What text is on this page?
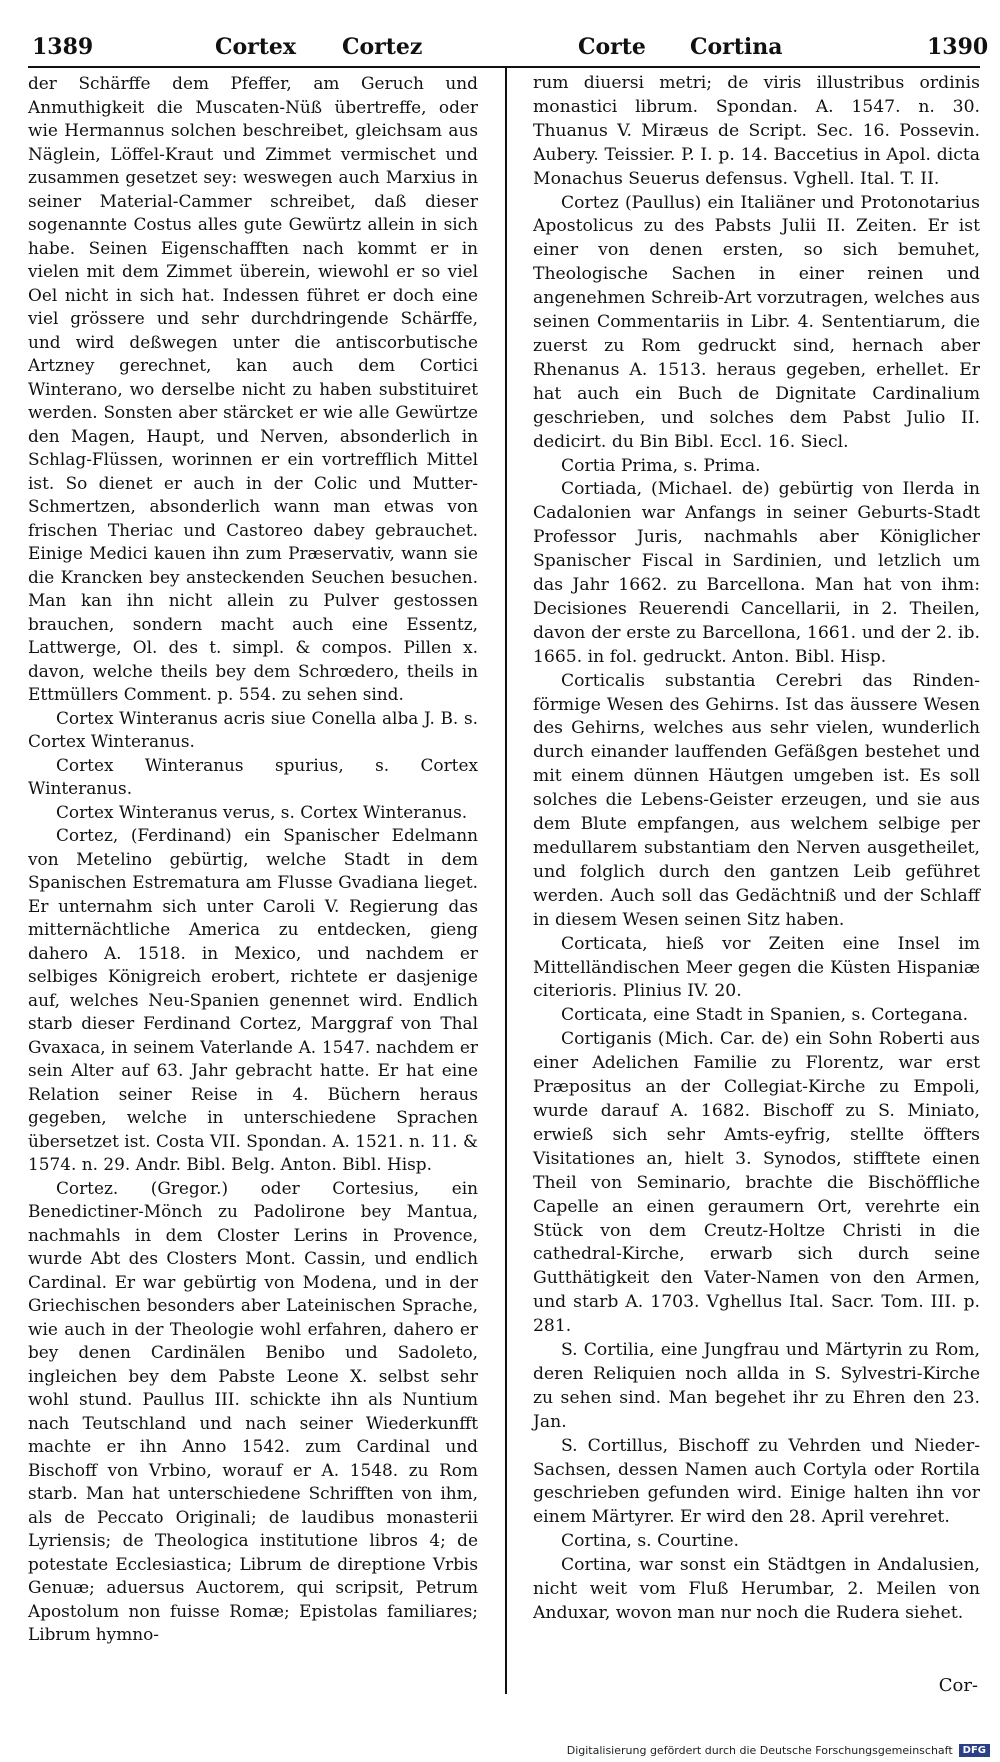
1389	Cortex Cortez	Corte Cortina	1390

der Schärffe dem Pfeffer, am Geruch und Anmuthigkeit die Muscaten-Nüß übertreffe, oder wie Hermannus solchen beschreibet, gleichsam aus Näglein, Löffel-Kraut und Zimmet vermischet und zusammen gesetzet sey: weswegen auch Marxius in seiner Material-Cammer schreibet, daß dieser sogenannte Costus alles gute Gewürtz allein in sich habe. Seinen Eigenschafften nach kommt er in vielen mit dem Zimmet überein, wiewohl er so viel Oel nicht in sich hat. Indessen führet er doch eine viel grössere und sehr durchdringende Schärffe, und wird deßwegen unter die antiscorbutische Artzney gerechnet, kan auch dem Cortici Winterano, wo derselbe nicht zu haben substituiret werden. Sonsten aber stärcket er wie alle Gewürtze den Magen, Haupt, und Nerven, absonderlich in Schlag-Flüssen, worinnen er ein vortrefflich Mittel ist. So dienet er auch in der Colic und Mutter-Schmertzen, absonderlich wann man etwas von frischen Theriac und Castoreo dabey gebrauchet. Einige Medici kauen ihn zum Præservativ, wann sie die Krancken bey ansteckenden Seuchen besuchen. Man kan ihn nicht allein zu Pulver gestossen brauchen, sondern macht auch eine Essentz, Lattwerge, Ol. des t. simpl. & compos. Pillen x. davon, welche theils bey dem Schrœdero, theils in Ettmüllers Comment. p. 554. zu sehen sind.

Cortex Winteranus acris siue Conella alba J. B. s. Cortex Winteranus.

Cortex Winteranus spurius, s. Cortex Winteranus.

Cortex Winteranus verus, s. Cortex Winteranus.

Cortez, (Ferdinand) ein Spanischer Edelmann von Metelino gebürtig, welche Stadt in dem Spanischen Estrematura am Flusse Gvadiana lieget. Er unternahm sich unter Caroli V. Regierung das mitternächtliche America zu entdecken, gieng dahero A. 1518. in Mexico, und nachdem er selbiges Königreich erobert, richtete er dasjenige auf, welches Neu-Spanien genennet wird. Endlich starb dieser Ferdinand Cortez, Marggraf von Thal Gvaxaca, in seinem Vaterlande A. 1547. nachdem er sein Alter auf 63. Jahr gebracht hatte. Er hat eine Relation seiner Reise in 4. Büchern heraus gegeben, welche in unterschiedene Sprachen übersetzet ist. Costa VII. Spondan. A. 1521. n. 11. & 1574. n. 29. Andr. Bibl. Belg. Anton. Bibl. Hisp.

Cortez. (Gregor.) oder Cortesius, ein Benedictiner-Mönch zu Padolirone bey Mantua, nachmahls in dem Closter Lerins in Provence, wurde Abt des Closters Mont. Cassin, und endlich Cardinal. Er war gebürtig von Modena, und in der Griechischen besonders aber Lateinischen Sprache, wie auch in der Theologie wohl erfahren, dahero er bey denen Cardinälen Benibo und Sadoleto, ingleichen bey dem Pabste Leone X. selbst sehr wohl stund. Paullus III. schickte ihn als Nuntium nach Teutschland und nach seiner Wiederkunfft machte er ihn Anno 1542. zum Cardinal und Bischoff von Vrbino, worauf er A. 1548. zu Rom starb. Man hat unterschiedene Schrifften von ihm, als de Peccato Originali; de laudibus monasterii Lyriensis; de Theologica institutione libros 4; de potestate Ecclesiastica; Librum de direptione Vrbis Genuæ; aduersus Auctorem, qui scripsit, Petrum Apostolum non fuisse Romæ; Epistolas familiares; Librum hymno-

rum diuersi metri; de viris illustribus ordinis monastici librum. Spondan. A. 1547. n. 30. Thuanus V. Miræus de Script. Sec. 16. Possevin. Aubery. Teissier. P. I. p. 14. Baccetius in Apol. dicta Monachus Seuerus defensus. Vghell. Ital. T. II.

Cortez (Paullus) ein Italiäner und Protonotarius Apostolicus zu des Pabsts Julii II. Zeiten. Er ist einer von denen ersten, so sich bemuhet, Theologische Sachen in einer reinen und angenehmen Schreib-Art vorzutragen, welches aus seinen Commentariis in Libr. 4. Sententiarum, die zuerst zu Rom gedruckt sind, hernach aber Rhenanus A. 1513. heraus gegeben, erhellet. Er hat auch ein Buch de Dignitate Cardinalium geschrieben, und solches dem Pabst Julio II. dedicirt. du Bin Bibl. Eccl. 16. Siecl.

Cortia Prima, s. Prima.

Cortiada, (Michael. de) gebürtig von Ilerda in Cadalonien war Anfangs in seiner Geburts-Stadt Professor Juris, nachmahls aber Königlicher Spanischer Fiscal in Sardinien, und letzlich um das Jahr 1662. zu Barcellona. Man hat von ihm: Decisiones Reuerendi Cancellarii, in 2. Theilen, davon der erste zu Barcellona, 1661. und der 2. ib. 1665. in fol. gedruckt. Anton. Bibl. Hisp.

Corticalis substantia Cerebri das Rinden-förmige Wesen des Gehirns. Ist das äussere Wesen des Gehirns, welches aus sehr vielen, wunderlich durch einander lauffenden Gefäßgen bestehet und mit einem dünnen Häutgen umgeben ist. Es soll solches die Lebens-Geister erzeugen, und sie aus dem Blute empfangen, aus welchem selbige per medullarem substantiam den Nerven ausgetheilet, und folglich durch den gantzen Leib geführet werden. Auch soll das Gedächtniß und der Schlaff in diesem Wesen seinen Sitz haben.

Corticata, hieß vor Zeiten eine Insel im Mittelländischen Meer gegen die Küsten Hispaniæ citerioris. Plinius IV. 20.

Corticata, eine Stadt in Spanien, s. Cortegana.

Cortiganis (Mich. Car. de) ein Sohn Roberti aus einer Adelichen Familie zu Florentz, war erst Præpositus an der Collegiat-Kirche zu Empoli, wurde darauf A. 1682. Bischoff zu S. Miniato, erwieß sich sehr Amts-eyfrig, stellte öffters Visitationes an, hielt 3. Synodos, stifftete einen Theil von Seminario, brachte die Bischöffliche Capelle an einen geraumern Ort, verehrte ein Stück von dem Creutz-Holtze Christi in die cathedral-Kirche, erwarb sich durch seine Gutthätigkeit den Vater-Namen von den Armen, und starb A. 1703. Vghellus Ital. Sacr. Tom. III. p. 281.

S. Cortilia, eine Jungfrau und Märtyrin zu Rom, deren Reliquien noch allda in S. Sylvestri-Kirche zu sehen sind. Man begehet ihr zu Ehren den 23. Jan.

S. Cortillus, Bischoff zu Vehrden und Nieder-Sachsen, dessen Namen auch Cortyla oder Rortila geschrieben gefunden wird. Einige halten ihn vor einem Märtyrer. Er wird den 28. April verehret.

Cortina, s. Courtine.

Cortina, war sonst ein Städtgen in Andalusien, nicht weit vom Fluß Herumbar, 2. Meilen von Anduxar, wovon man nur noch die Rudera siehet.

Cor-
Digitalisierung gefördert durch die Deutsche Forschungsgemeinschaft	DFG
